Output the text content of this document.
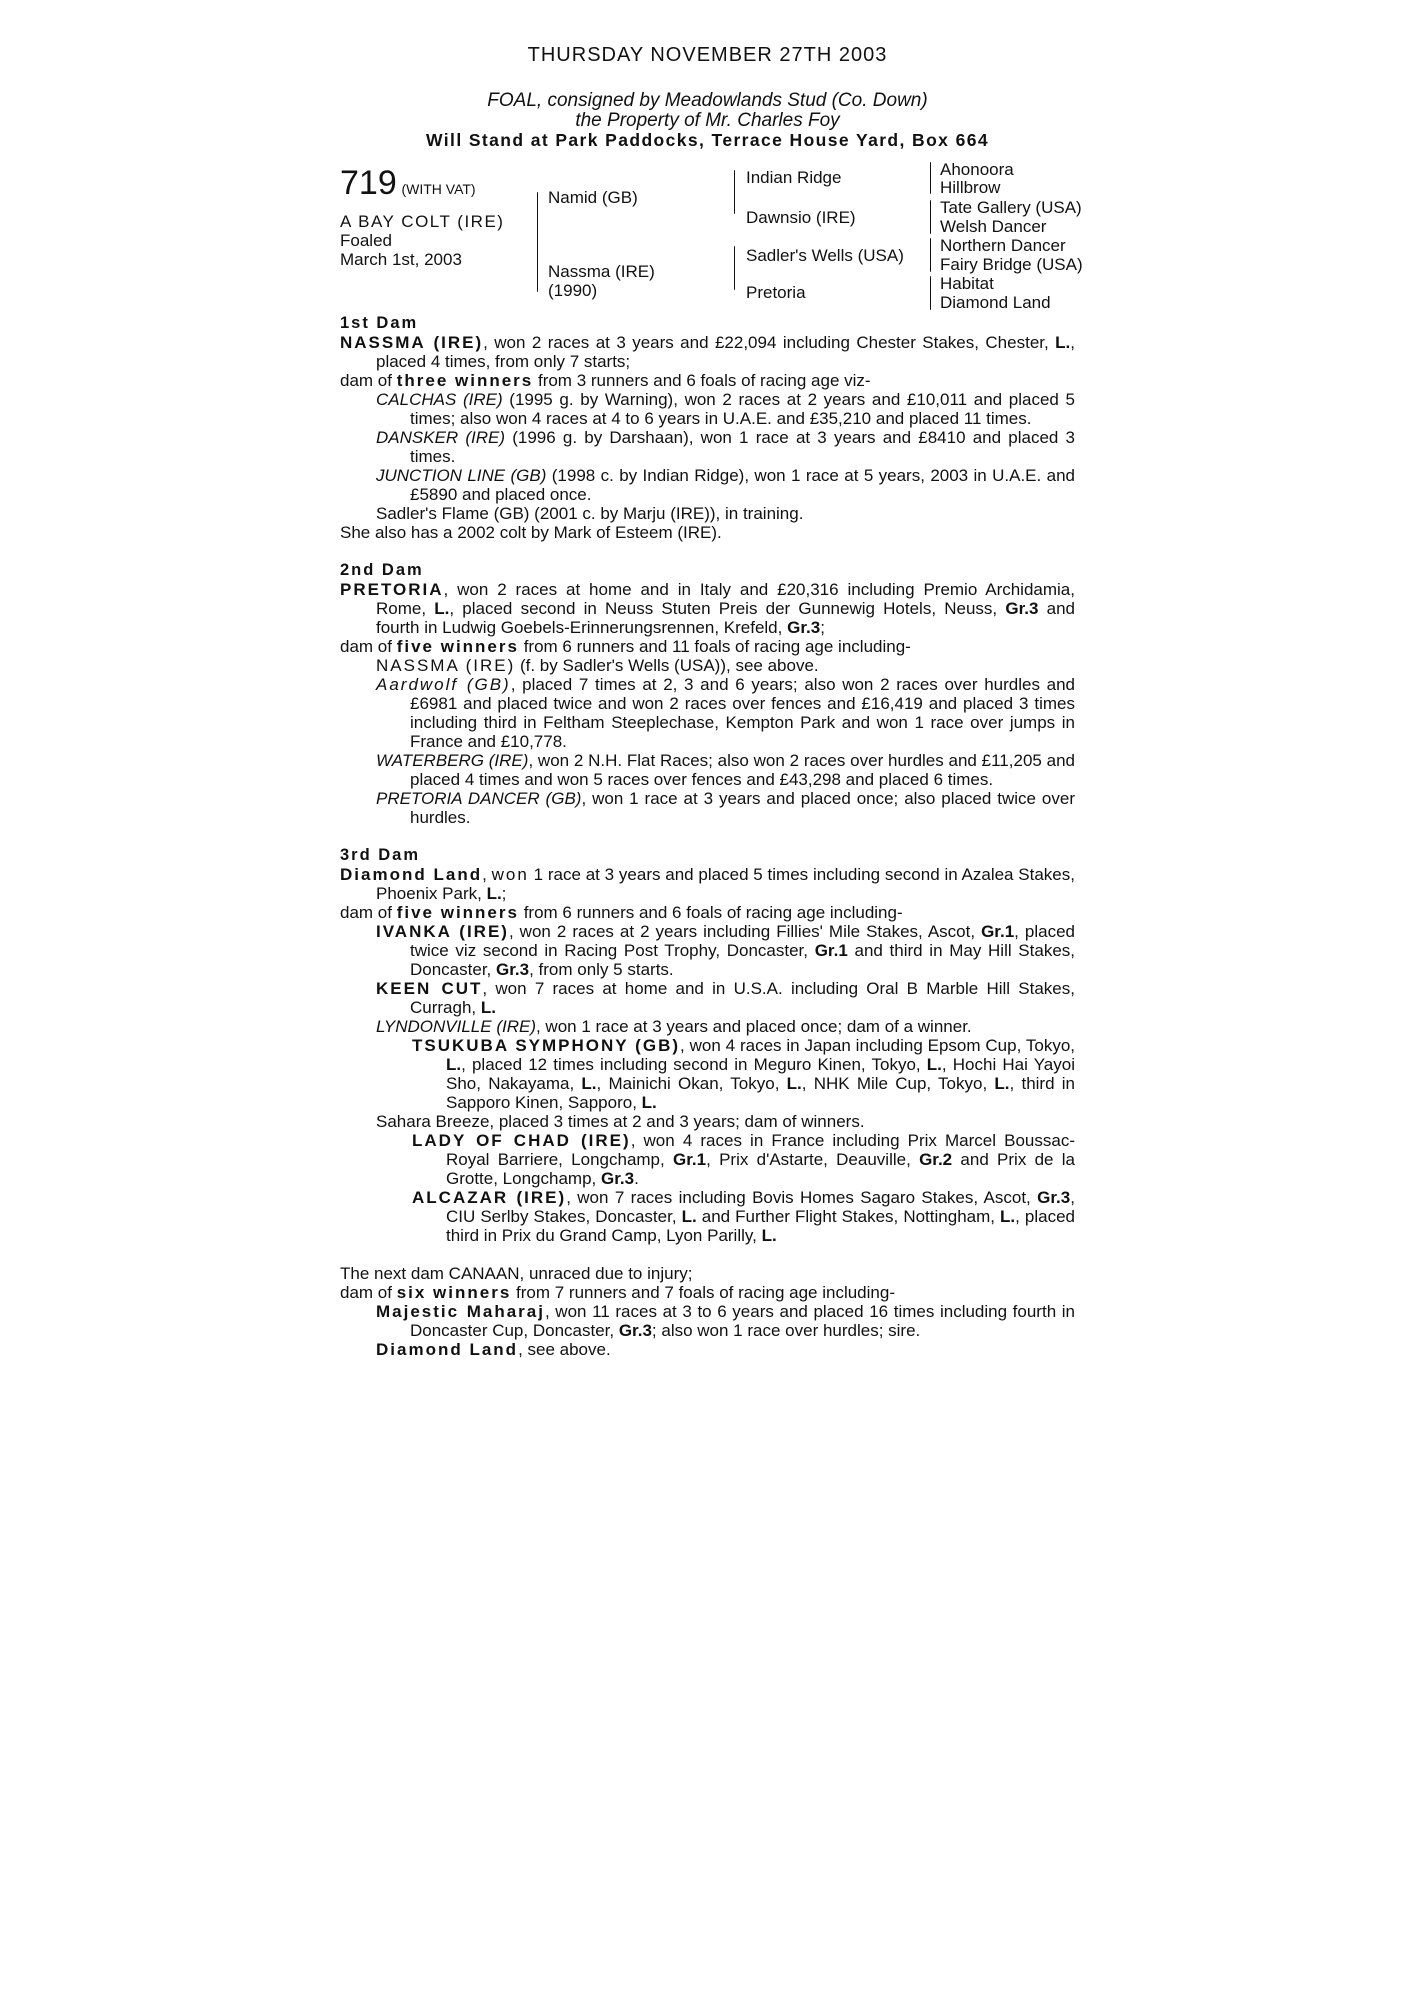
THURSDAY NOVEMBER 27TH 2003
FOAL, consigned by Meadowlands Stud (Co. Down)
the Property of Mr. Charles Foy
Will Stand at Park Paddocks, Terrace House Yard, Box 664
719 (WITH VAT)
A BAY COLT (IRE)
Foaled
March 1st, 2003
Namid (GB)
Nassma (IRE)
(1990)
Indian Ridge
Dawnsio (IRE)
Sadler's Wells (USA)
Pretoria
Ahonoora
Hillbrow
Tate Gallery (USA)
Welsh Dancer
Northern Dancer
Fairy Bridge (USA)
Habitat
Diamond Land
1st Dam

NASSMA (IRE), won 2 races at 3 years and £22,094 including Chester Stakes, Chester, L., placed 4 times, from only 7 starts;

dam of three winners from 3 runners and 6 foals of racing age viz-

CALCHAS (IRE) (1995 g. by Warning), won 2 races at 2 years and £10,011 and placed 5 times; also won 4 races at 4 to 6 years in U.A.E. and £35,210 and placed 11 times.

DANSKER (IRE) (1996 g. by Darshaan), won 1 race at 3 years and £8410 and placed 3 times.

JUNCTION LINE (GB) (1998 c. by Indian Ridge), won 1 race at 5 years, 2003 in U.A.E. and £5890 and placed once.

Sadler's Flame (GB) (2001 c. by Marju (IRE)), in training.

She also has a 2002 colt by Mark of Esteem (IRE).

2nd Dam

PRETORIA, won 2 races at home and in Italy and £20,316 including Premio Archidamia, Rome, L., placed second in Neuss Stuten Preis der Gunnewig Hotels, Neuss, Gr.3 and fourth in Ludwig Goebels-Erinnerungsrennen, Krefeld, Gr.3;

dam of five winners from 6 runners and 11 foals of racing age including-

NASSMA (IRE) (f. by Sadler's Wells (USA)), see above.

Aardwolf (GB), placed 7 times at 2, 3 and 6 years; also won 2 races over hurdles and £6981 and placed twice and won 2 races over fences and £16,419 and placed 3 times including third in Feltham Steeplechase, Kempton Park and won 1 race over jumps in France and £10,778.

WATERBERG (IRE), won 2 N.H. Flat Races; also won 2 races over hurdles and £11,205 and placed 4 times and won 5 races over fences and £43,298 and placed 6 times.

PRETORIA DANCER (GB), won 1 race at 3 years and placed once; also placed twice over hurdles.

3rd Dam

Diamond Land, won 1 race at 3 years and placed 5 times including second in Azalea Stakes, Phoenix Park, L.;

dam of five winners from 6 runners and 6 foals of racing age including-

IVANKA (IRE), won 2 races at 2 years including Fillies' Mile Stakes, Ascot, Gr.1, placed twice viz second in Racing Post Trophy, Doncaster, Gr.1 and third in May Hill Stakes, Doncaster, Gr.3, from only 5 starts.

KEEN CUT, won 7 races at home and in U.S.A. including Oral B Marble Hill Stakes, Curragh, L.

LYNDONVILLE (IRE), won 1 race at 3 years and placed once; dam of a winner.

TSUKUBA SYMPHONY (GB), won 4 races in Japan including Epsom Cup, Tokyo, L., placed 12 times including second in Meguro Kinen, Tokyo, L., Hochi Hai Yayoi Sho, Nakayama, L., Mainichi Okan, Tokyo, L., NHK Mile Cup, Tokyo, L., third in Sapporo Kinen, Sapporo, L.

Sahara Breeze, placed 3 times at 2 and 3 years; dam of winners.

LADY OF CHAD (IRE), won 4 races in France including Prix Marcel Boussac-Royal Barriere, Longchamp, Gr.1, Prix d'Astarte, Deauville, Gr.2 and Prix de la Grotte, Longchamp, Gr.3.

ALCAZAR (IRE), won 7 races including Bovis Homes Sagaro Stakes, Ascot, Gr.3, CIU Serlby Stakes, Doncaster, L. and Further Flight Stakes, Nottingham, L., placed third in Prix du Grand Camp, Lyon Parilly, L.

The next dam CANAAN, unraced due to injury;

dam of six winners from 7 runners and 7 foals of racing age including-

Majestic Maharaj, won 11 races at 3 to 6 years and placed 16 times including fourth in Doncaster Cup, Doncaster, Gr.3; also won 1 race over hurdles; sire.

Diamond Land, see above.
